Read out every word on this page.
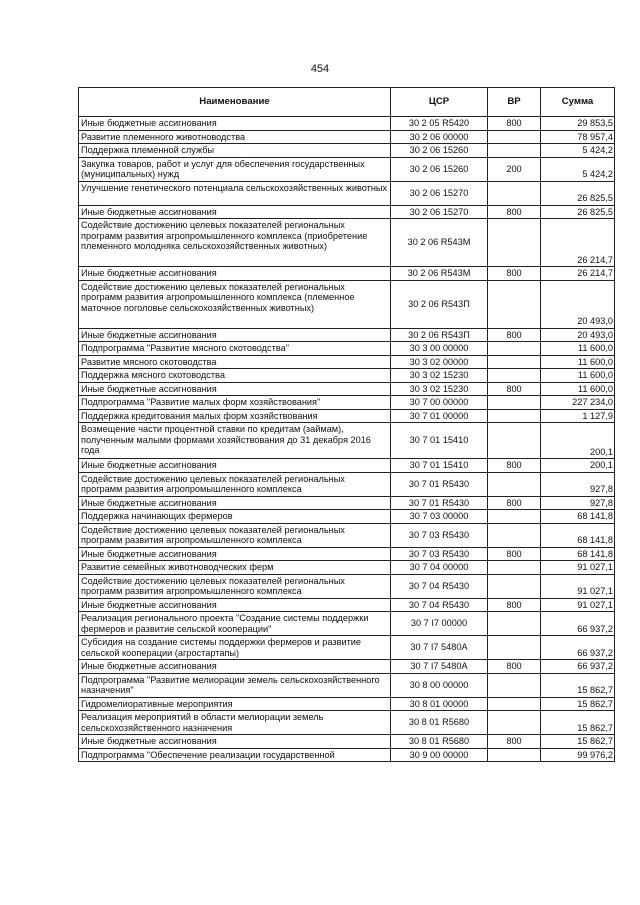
454
Наименование	ЦСР	ВР	Сумма
Иные бюджетные ассигнования	30 2 05 R5420	800	29 853,5
Развитие племенного животноводства	30 2 06 00000		78 957,4
Поддержка племенной службы	30 2 06 15260		5 424,2
Закупка товаров, работ и услуг для обеспечения государственных (муниципальных) нужд	30 2 06 15260	200	5 424,2
Улучшение генетического потенциала сельскохозяйственных животных	30 2 06 15270		26 825,5
Иные бюджетные ассигнования	30 2 06 15270	800	26 825,5
Содействие достижению целевых показателей региональных программ развития агропромышленного комплекса (приобретение племенного молодняка сельскохозяйственных животных)	30 2 06 R543M		26 214,7
Иные бюджетные ассигнования	30 2 06 R543M	800	26 214,7
Содействие достижению целевых показателей региональных программ развития агропромышленного комплекса (племенное маточное поголовье сельскохозяйственных животных)	30 2 06 R543П		20 493,0
Иные бюджетные ассигнования	30 2 06 R543П	800	20 493,0
Подпрограмма "Развитие мясного скотоводства"	30 3 00 00000		11 600,0
Развитие мясного скотоводства	30 3 02 00000		11 600,0
Поддержка мясного скотоводства	30 3 02 15230		11 600,0
Иные бюджетные ассигнования	30 3 02 15230	800	11 600,0
Подпрограмма "Развитие малых форм хозяйствования"	30 7 00 00000		227 234,0
Поддержка кредитования малых форм хозяйствования	30 7 01 00000		1 127,9
Возмещение части процентной ставки по кредитам (займам), полученным малыми формами хозяйствования до 31 декабря 2016 года	30 7 01 15410		200,1
Иные бюджетные ассигнования	30 7 01 15410	800	200,1
Содействие достижению целевых показателей региональных программ развития агропромышленного комплекса	30 7 01 R5430		927,8
Иные бюджетные ассигнования	30 7 01 R5430	800	927,8
Поддержка начинающих фермеров	30 7 03 00000		68 141,8
Содействие достижению целевых показателей региональных программ развития агропромышленного комплекса	30 7 03 R5430		68 141,8
Иные бюджетные ассигнования	30 7 03 R5430	800	68 141,8
Развитие семейных животноводческих ферм	30 7 04 00000		91 027,1
Содействие достижению целевых показателей региональных программ развития агропромышленного комплекса	30 7 04 R5430		91 027,1
Иные бюджетные ассигнования	30 7 04 R5430	800	91 027,1
Реализация регионального проекта "Создание системы поддержки фермеров и развитие сельской кооперации"	30 7 I7 00000		66 937,2
Субсидия на создание системы поддержки фермеров и развитие сельской кооперации (агростартапы)	30 7 I7 5480A		66 937,2
Иные бюджетные ассигнования	30 7 I7 5480A	800	66 937,2
Подпрограмма "Развитие мелиорации земель сельскохозяйственного назначения"	30 8 00 00000		15 862,7
Гидромелиоративные мероприятия	30 8 01 00000		15 862,7
Реализация мероприятий в области мелиорации земель сельскохозяйственного назначения	30 8 01 R5680		15 862,7
Иные бюджетные ассигнования	30 8 01 R5680	800	15 862,7
Подпрограмма "Обеспечение реализации государственной	30 9 00 00000		99 976,2
